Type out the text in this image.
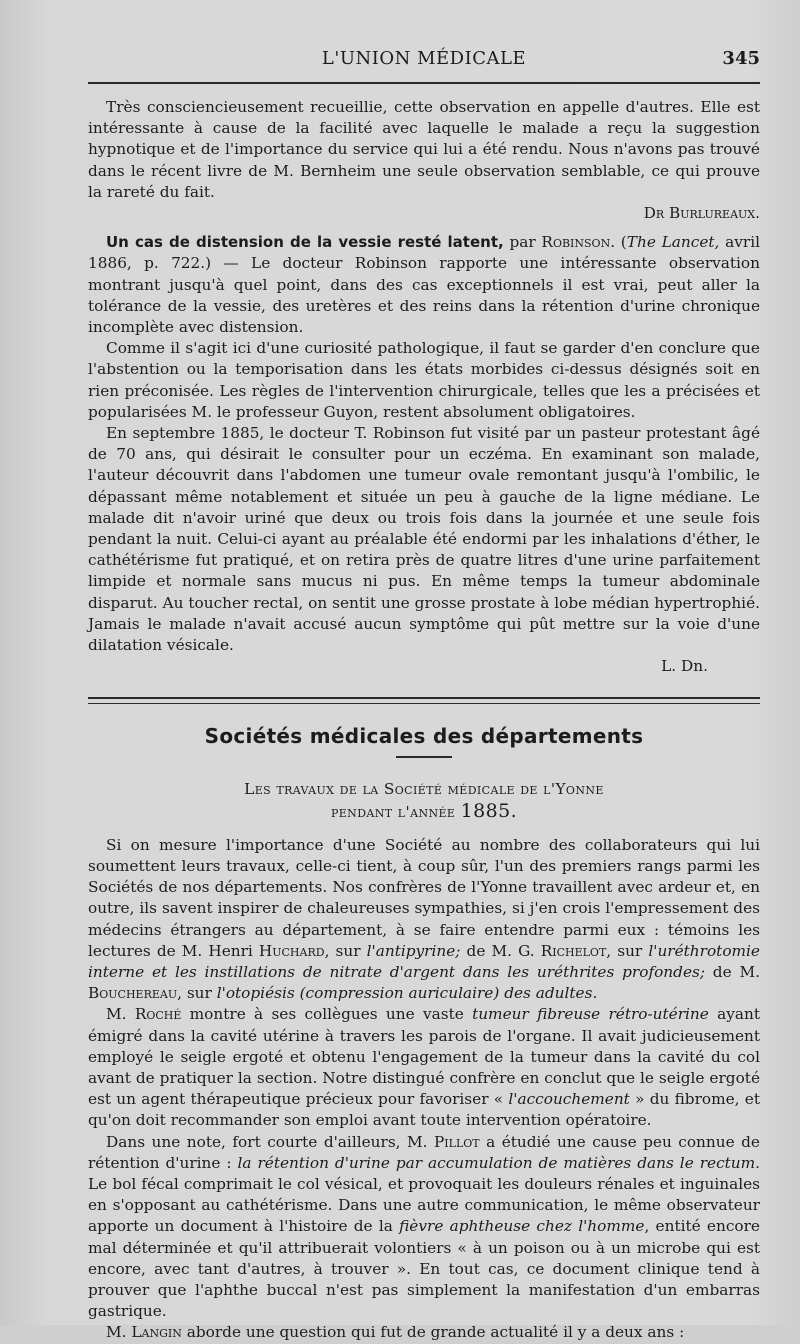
L'UNION MÉDICALE	345

Très consciencieusement recueillie, cette observation en appelle d'autres. Elle est intéressante à cause de la facilité avec laquelle le malade a reçu la suggestion hypnotique et de l'importance du service qui lui a été rendu. Nous n'avons pas trouvé dans le récent livre de M. Bernheim une seule observation semblable, ce qui prouve la rareté du fait.

Dr Burlureaux.

Un cas de distension de la vessie resté latent, par Robinson. (The Lancet, avril 1886, p. 722.) — Le docteur Robinson rapporte une intéressante observation montrant jusqu'à quel point, dans des cas exceptionnels il est vrai, peut aller la tolérance de la vessie, des uretères et des reins dans la rétention d'urine chronique incomplète avec distension.

Comme il s'agit ici d'une curiosité pathologique, il faut se garder d'en conclure que l'abstention ou la temporisation dans les états morbides ci-dessus désignés soit en rien préconisée. Les règles de l'intervention chirurgicale, telles que les a précisées et popularisées M. le professeur Guyon, restent absolument obligatoires.

En septembre 1885, le docteur T. Robinson fut visité par un pasteur protestant âgé de 70 ans, qui désirait le consulter pour un eczéma. En examinant son malade, l'auteur découvrit dans l'abdomen une tumeur ovale remontant jusqu'à l'ombilic, le dépassant même notablement et située un peu à gauche de la ligne médiane. Le malade dit n'avoir uriné que deux ou trois fois dans la journée et une seule fois pendant la nuit. Celui-ci ayant au préalable été endormi par les inhalations d'éther, le cathétérisme fut pratiqué, et on retira près de quatre litres d'une urine parfaitement limpide et normale sans mucus ni pus. En même temps la tumeur abdominale disparut. Au toucher rectal, on sentit une grosse prostate à lobe médian hypertrophié. Jamais le malade n'avait accusé aucun symptôme qui pût mettre sur la voie d'une dilatation vésicale.

L. Dn.

Sociétés médicales des départements
Les travaux de la Société médicale de l'Yonne
pendant l'année 1885.

Si on mesure l'importance d'une Société au nombre des collaborateurs qui lui soumettent leurs travaux, celle-ci tient, à coup sûr, l'un des premiers rangs parmi les Sociétés de nos départements. Nos confrères de l'Yonne travaillent avec ardeur et, en outre, ils savent inspirer de chaleureuses sympathies, si j'en crois l'empressement des médecins étrangers au département, à se faire entendre parmi eux : témoins les lectures de M. Henri Huchard, sur l'antipyrine; de M. G. Richelot, sur l'uréthrotomie interne et les instillations de nitrate d'argent dans les uréthrites profondes; de M. Bouchereau, sur l'otopiésis (compression auriculaire) des adultes.

M. Roché montre à ses collègues une vaste tumeur fibreuse rétro-utérine ayant émigré dans la cavité utérine à travers les parois de l'organe. Il avait judicieusement employé le seigle ergoté et obtenu l'engagement de la tumeur dans la cavité du col avant de pratiquer la section. Notre distingué confrère en conclut que le seigle ergoté est un agent thérapeutique précieux pour favoriser « l'accouchement » du fibrome, et qu'on doit recommander son emploi avant toute intervention opératoire.

Dans une note, fort courte d'ailleurs, M. Pillot a étudié une cause peu connue de rétention d'urine : la rétention d'urine par accumulation de matières dans le rectum. Le bol fécal comprimait le col vésical, et provoquait les douleurs rénales et inguinales en s'opposant au cathétérisme. Dans une autre communication, le même observateur apporte un document à l'histoire de la fièvre aphtheuse chez l'homme, entité encore mal déterminée et qu'il attribuerait volontiers « à un poison ou à un microbe qui est encore, avec tant d'autres, à trouver ». En tout cas, ce document clinique tend à prouver que l'aphthe buccal n'est pas simplement la manifestation d'un embarras gastrique.

M. Langin aborde une question qui fut de grande actualité il y a deux ans :
